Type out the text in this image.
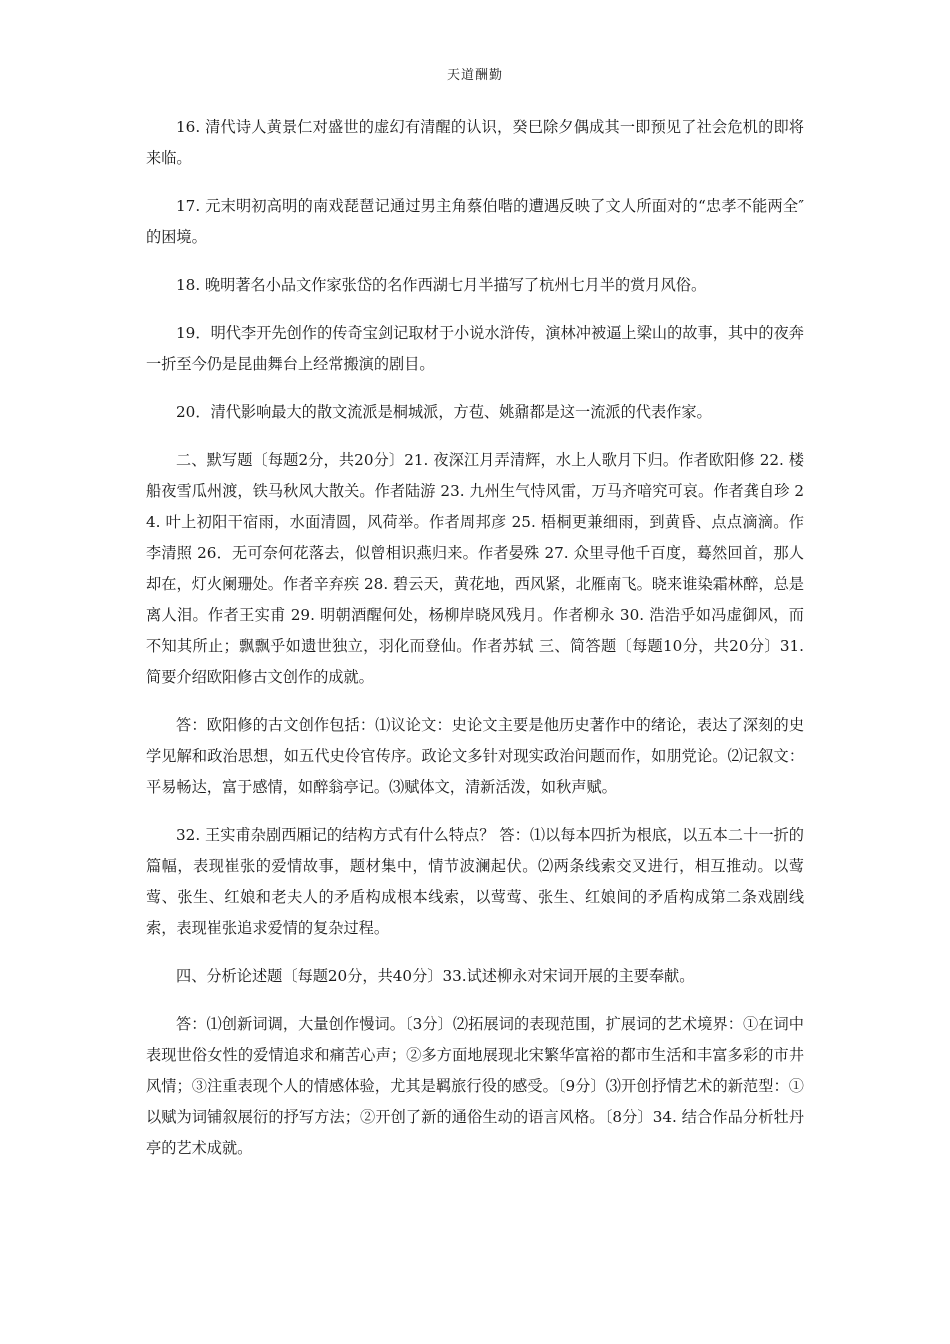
天道酬勤

16. 清代诗人黄景仁对盛世的虚幻有清醒的认识，癸巳除夕偶成其一即预见了社会危机的即将来临。

17. 元末明初高明的南戏琵琶记通过男主角蔡伯喈的遭遇反映了文人所面对的“忠孝不能两全″的困境。

18. 晚明著名小品文作家张岱的名作西湖七月半描写了杭州七月半的赏月风俗。

19．明代李开先创作的传奇宝剑记取材于小说水浒传，演林冲被逼上梁山的故事，其中的夜奔一折至今仍是昆曲舞台上经常搬演的剧目。

20．清代影响最大的散文流派是桐城派，方苞、姚鼐都是这一流派的代表作家。

二、默写题〔每题2分，共20分〕21. 夜深江月弄清辉，水上人歌月下归。作者欧阳修 22. 楼船夜雪瓜州渡，铁马秋风大散关。作者陆游 23. 九州生气恃风雷，万马齐喑究可哀。作者龚自珍 24. 叶上初阳干宿雨，水面清圆，风荷举。作者周邦彦 25. 梧桐更兼细雨，到黄昏、点点滴滴。作李清照 26．无可奈何花落去，似曾相识燕归来。作者晏殊 27. 众里寻他千百度，蓦然回首，那人却在，灯火阑珊处。作者辛弃疾 28. 碧云天，黄花地，西风紧，北雁南飞。晓来谁染霜林醉，总是离人泪。作者王实甫 29. 明朝酒醒何处，杨柳岸晓风残月。作者柳永 30. 浩浩乎如冯虚御风，而不知其所止；飘飘乎如遗世独立，羽化而登仙。作者苏轼 三、简答题〔每题10分，共20分〕31. 简要介绍欧阳修古文创作的成就。

答：欧阳修的古文创作包括：⑴议论文：史论文主要是他历史著作中的绪论，表达了深刻的史学见解和政治思想，如五代史伶官传序。政论文多针对现实政治问题而作，如朋党论。⑵记叙文：平易畅达，富于感情，如醉翁亭记。⑶赋体文，清新活泼，如秋声赋。

32. 王实甫杂剧西厢记的结构方式有什么特点？ 答：⑴以每本四折为根底，以五本二十一折的篇幅，表现崔张的爱情故事，题材集中，情节波澜起伏。⑵两条线索交叉进行，相互推动。以莺莺、张生、红娘和老夫人的矛盾构成根本线索，以莺莺、张生、红娘间的矛盾构成第二条戏剧线索，表现崔张追求爱情的复杂过程。

四、分析论述题〔每题20分，共40分〕33.试述柳永对宋词开展的主要奉献。

答：⑴创新词调，大量创作慢词。〔3分〕⑵拓展词的表现范围，扩展词的艺术境界：①在词中表现世俗女性的爱情追求和痛苦心声；②多方面地展现北宋繁华富裕的都市生活和丰富多彩的市井风情；③注重表现个人的情感体验，尤其是羁旅行役的感受。〔9分〕⑶开创抒情艺术的新范型：①以赋为词铺叙展衍的抒写方法；②开创了新的通俗生动的语言风格。〔8分〕34. 结合作品分析牡丹亭的艺术成就。
